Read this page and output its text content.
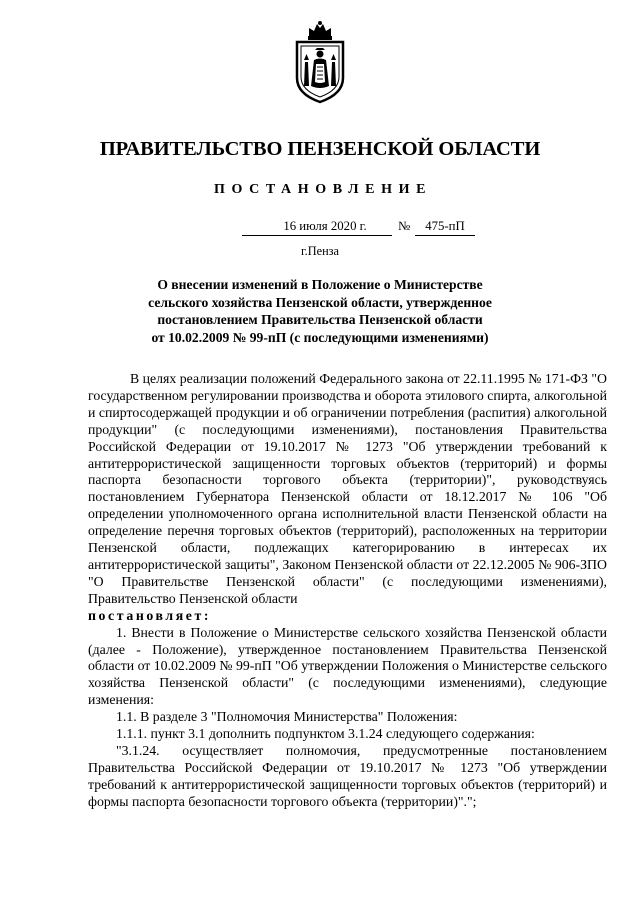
ПРАВИТЕЛЬСТВО ПЕНЗЕНСКОЙ ОБЛАСТИ
ПОСТАНОВЛЕНИЕ
16 июля 2020 г.	№	475-пП
г.Пенза
О внесении изменений в Положение о Министерстве
сельского хозяйства Пензенской области, утвержденное
постановлением Правительства Пензенской области
от 10.02.2009 № 99-пП (с последующими изменениями)

В целях реализации положений Федерального закона от 22.11.1995 № 171-ФЗ "О государственном регулировании производства и оборота этилового спирта, алкогольной и спиртосодержащей продукции и об ограничении потребления (распития) алкогольной продукции" (с последующими изменениями), постановления Правительства Российской Федерации от 19.10.2017 № 1273 "Об утверждении требований к антитеррористической защищенности торговых объектов (территорий) и формы паспорта безопасности торгового объекта (территории)", руководствуясь постановлением Губернатора Пензенской области от 18.12.2017 № 106 "Об определении уполномоченного органа исполнительной власти Пензенской области на определение перечня торговых объектов (территорий), расположенных на территории Пензенской области, подлежащих категорированию в интересах их антитеррористической защиты", Законом Пензенской области от 22.12.2005 № 906-ЗПО "О Правительстве Пензенской области" (с последующими изменениями), Правительство Пензенской области

постановляет:

1. Внести в Положение о Министерстве сельского хозяйства Пензенской области (далее - Положение), утвержденное постановлением Правительства Пензенской области от 10.02.2009 № 99-пП "Об утверждении Положения о Министерстве сельского хозяйства Пензенской области" (с последующими изменениями), следующие изменения:

1.1. В разделе 3 "Полномочия Министерства" Положения:

1.1.1. пункт 3.1 дополнить подпунктом 3.1.24 следующего содержания:

"3.1.24. осуществляет полномочия, предусмотренные постановлением Правительства Российской Федерации от 19.10.2017 № 1273 "Об утверждении требований к антитеррористической защищенности торговых объектов (территорий) и формы паспорта безопасности торгового объекта (территории)".";
